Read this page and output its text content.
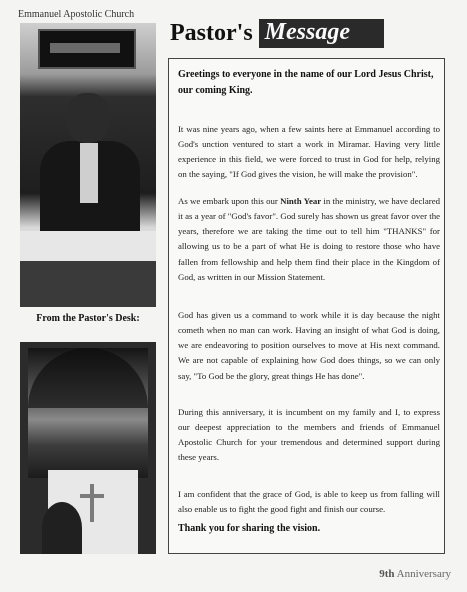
Emmanuel Apostolic Church
Pastor's Message
From the Pastor's Desk:
Greetings to everyone in the name of our Lord Jesus Christ, our coming King.
It was nine years ago, when a few saints here at Emmanuel according to God's unction ventured to start a work in Miramar. Having very little experience in this field, we were forced to trust in God for help, relying on the saying, "If God gives the vision, he will make the provision".
As we embark upon this our Ninth Year in the ministry, we have declared it as a year of "God's favor". God surely has shown us great favor over the years, therefore we are taking the time out to tell him "THANKS" for allowing us to be a part of what He is doing to restore those who have fallen from fellowship and help them find their place in the Kingdom of God, as written in our Mission Statement.
God has given us a command to work while it is day because the night cometh when no man can work. Having an insight of what God is doing, we are endeavoring to position ourselves to move at His next command. We are not capable of explaining how God does things, so we can only say, "To God be the glory, great things He has done".
During this anniversary, it is incumbent on my family and I, to express our deepest appreciation to the members and friends of Emmanuel Apostolic Church for your tremendous and determined support during these years.
I am confident that the grace of God, is able to keep us from falling will also enable us to fight the good fight and finish our course.
Thank you for sharing the vision.
9th Anniversary
